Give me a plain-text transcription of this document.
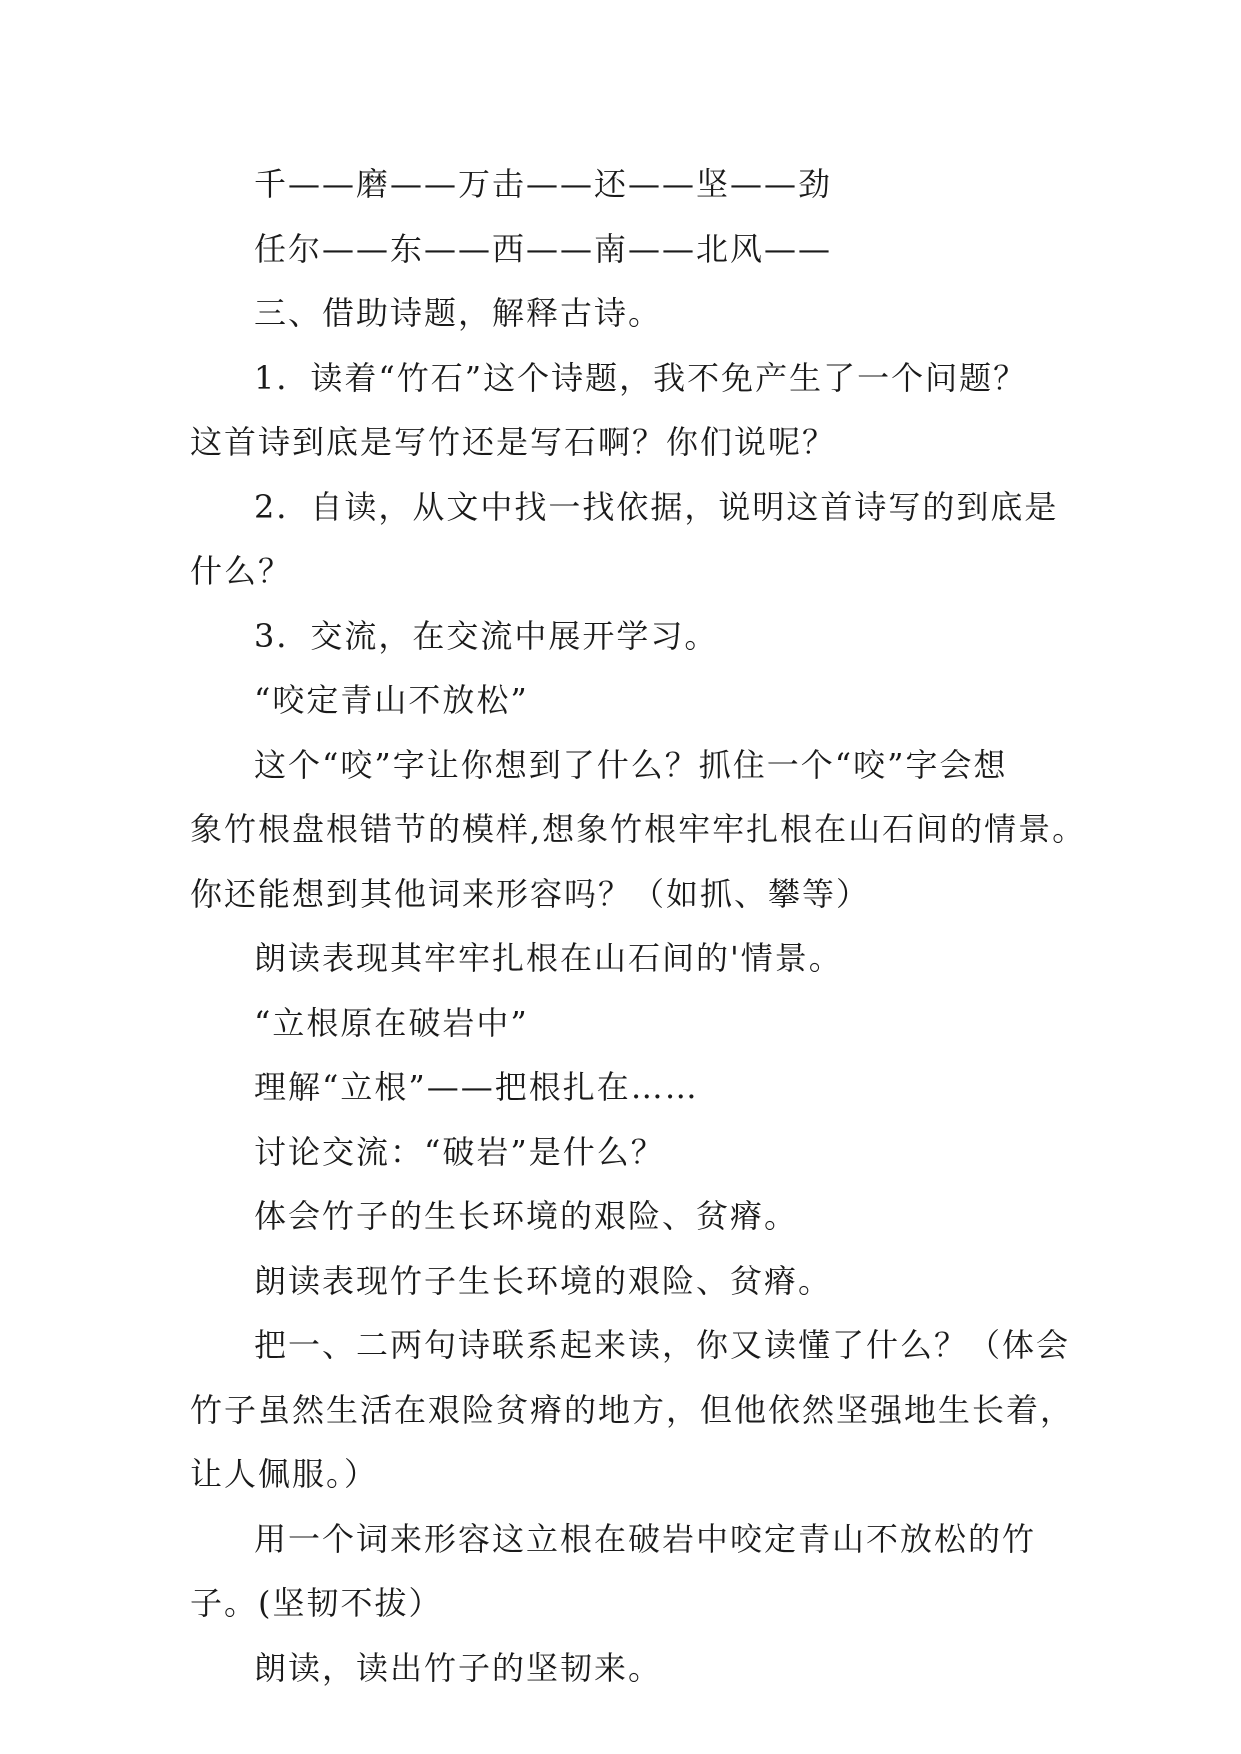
千——磨——万击——还——坚——劲
任尔——东——西——南——北风——
三、借助诗题，解释古诗。
1．读着“竹石”这个诗题，我不免产生了一个问题？
这首诗到底是写竹还是写石啊？你们说呢？
2．自读，从文中找一找依据，说明这首诗写的到底是
什么？
3．交流，在交流中展开学习。
“咬定青山不放松”
这个“咬”字让你想到了什么？抓住一个“咬”字会想
象竹根盘根错节的模样,想象竹根牢牢扎根在山石间的情景。
你还能想到其他词来形容吗？（如抓、攀等）
朗读表现其牢牢扎根在山石间的'情景。
“立根原在破岩中”
理解“立根”——把根扎在……
讨论交流：“破岩”是什么？
体会竹子的生长环境的艰险、贫瘠。
朗读表现竹子生长环境的艰险、贫瘠。
把一、二两句诗联系起来读，你又读懂了什么？（体会
竹子虽然生活在艰险贫瘠的地方，但他依然坚强地生长着，
让人佩服。）
用一个词来形容这立根在破岩中咬定青山不放松的竹
子。(坚韧不拔）
朗读，读出竹子的坚韧来。
